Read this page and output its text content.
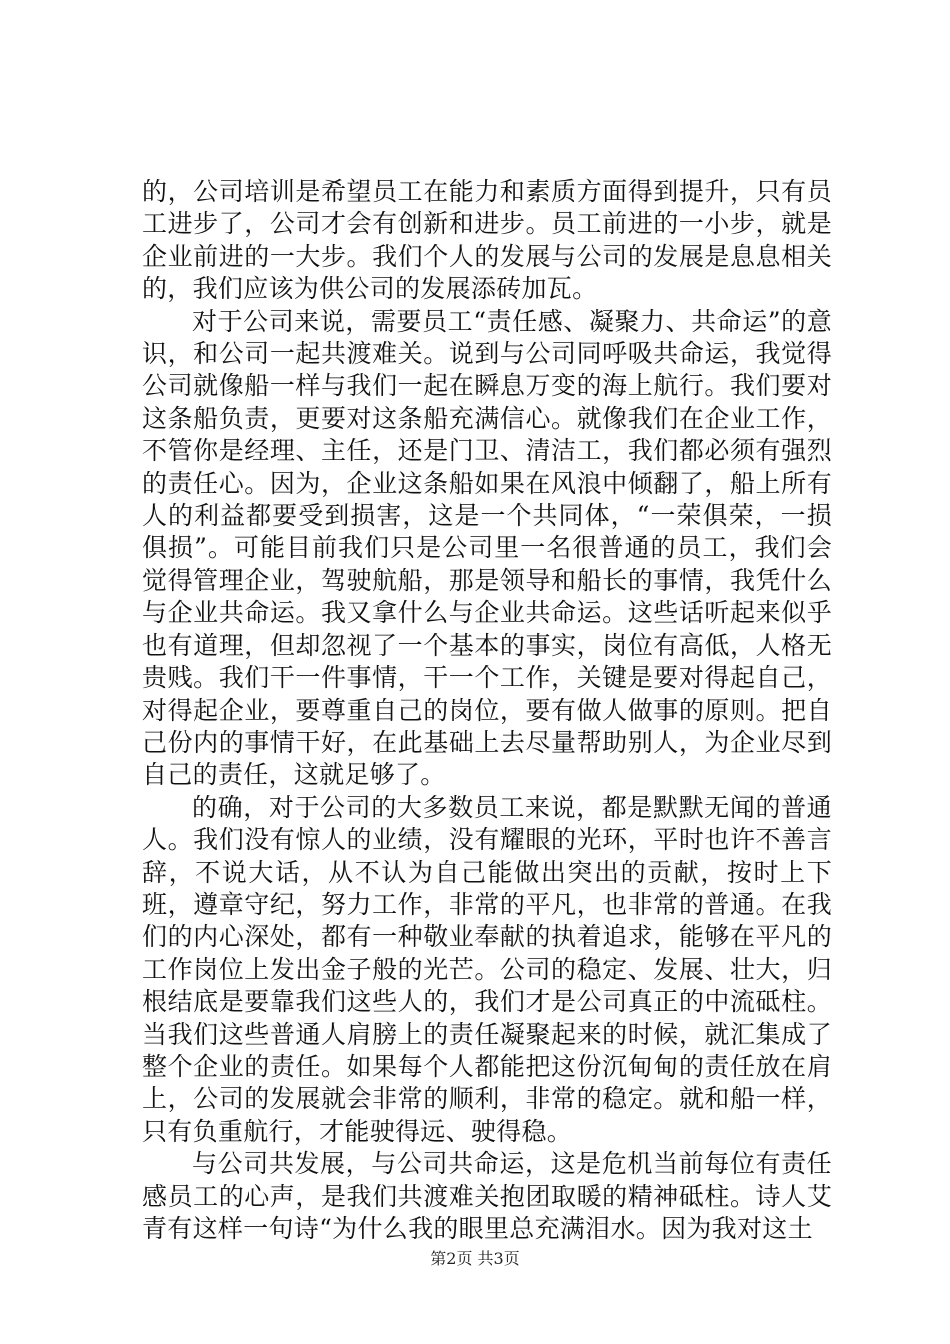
的，公司培训是希望员工在能力和素质方面得到提升，只有员工进步了，公司才会有创新和进步。员工前进的一小步，就是企业前进的一大步。我们个人的发展与公司的发展是息息相关的，我们应该为供公司的发展添砖加瓦。

对于公司来说，需要员工“责任感、凝聚力、共命运”的意识，和公司一起共渡难关。说到与公司同呼吸共命运，我觉得公司就像船一样与我们一起在瞬息万变的海上航行。我们要对这条船负责，更要对这条船充满信心。就像我们在企业工作，不管你是经理、主任，还是门卫、清洁工，我们都必须有强烈的责任心。因为，企业这条船如果在风浪中倾翻了，船上所有人的利益都要受到损害，这是一个共同体，“一荣俱荣，一损俱损”。可能目前我们只是公司里一名很普通的员工，我们会觉得管理企业，驾驶航船，那是领导和船长的事情，我凭什么与企业共命运。我又拿什么与企业共命运。这些话听起来似乎也有道理，但却忽视了一个基本的事实，岗位有高低，人格无贵贱。我们干一件事情，干一个工作，关键是要对得起自己，对得起企业，要尊重自己的岗位，要有做人做事的原则。把自己份内的事情干好，在此基础上去尽量帮助别人，为企业尽到自己的责任，这就足够了。

的确，对于公司的大多数员工来说，都是默默无闻的普通人。我们没有惊人的业绩，没有耀眼的光环，平时也许不善言辞，不说大话，从不认为自己能做出突出的贡献，按时上下班，遵章守纪，努力工作，非常的平凡，也非常的普通。在我们的内心深处，都有一种敬业奉献的执着追求，能够在平凡的工作岗位上发出金子般的光芒。公司的稳定、发展、壮大，归根结底是要靠我们这些人的，我们才是公司真正的中流砥柱。当我们这些普通人肩膀上的责任凝聚起来的时候，就汇集成了整个企业的责任。如果每个人都能把这份沉甸甸的责任放在肩上，公司的发展就会非常的顺利，非常的稳定。就和船一样，只有负重航行，才能驶得远、驶得稳。

与公司共发展，与公司共命运，这是危机当前每位有责任感员工的心声，是我们共渡难关抱团取暖的精神砥柱。诗人艾青有这样一句诗“为什么我的眼里总充满泪水。因为我对这土

第2页 共3页
